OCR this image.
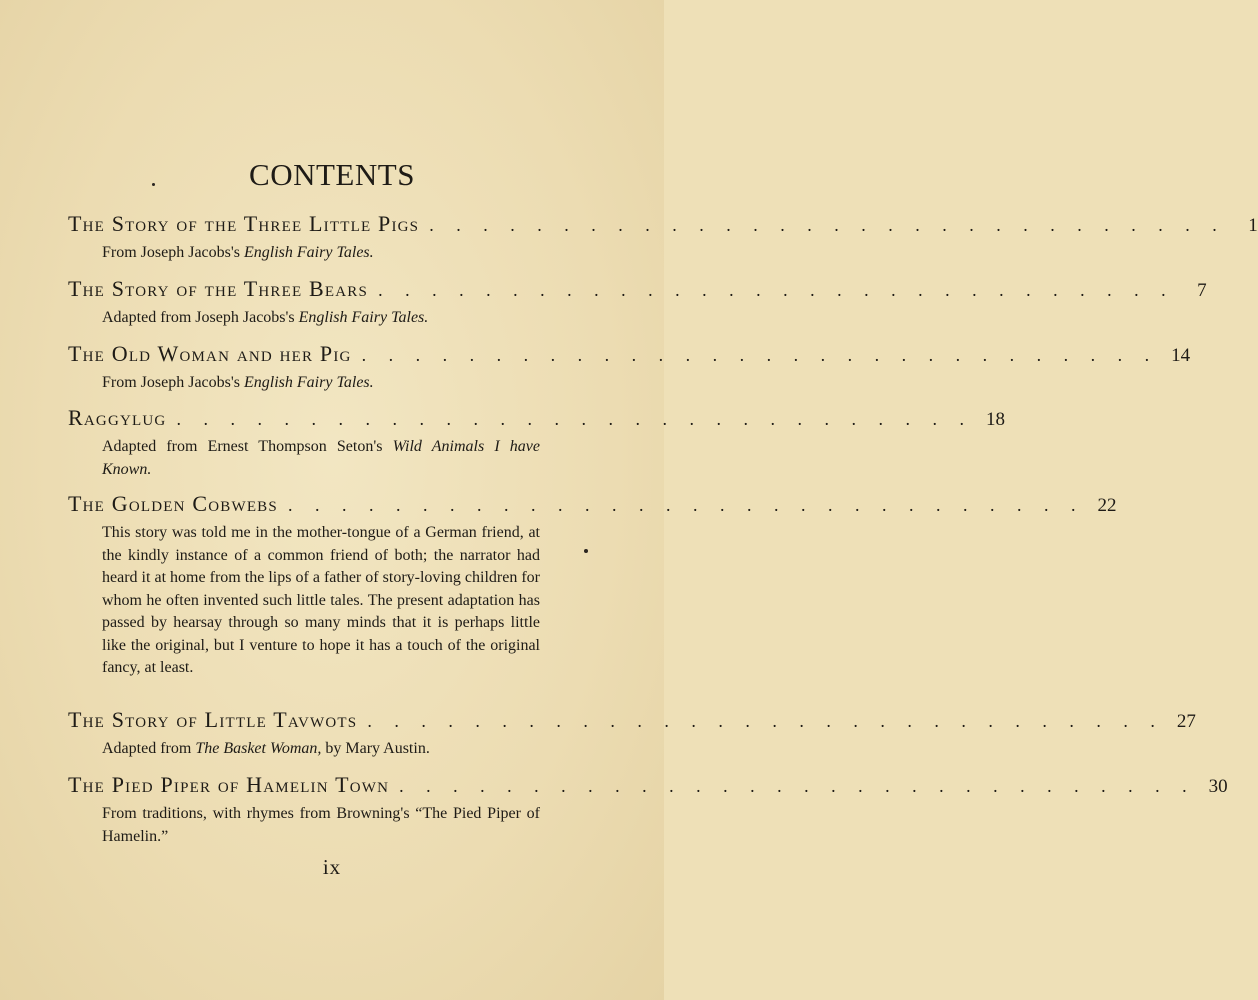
CONTENTS
The Story of the Three Little Pigs . . . . . . . . . . . . . . . . . . . . . . . . . . . . . .	1
From Joseph Jacobs's English Fairy Tales.
The Story of the Three Bears . . . . . . . . . . . . . . . . . . . . . . . . . . . . . .	7
Adapted from Joseph Jacobs's English Fairy Tales.
The Old Woman and her Pig . . . . . . . . . . . . . . . . . . . . . . . . . . . . . . 14
From Joseph Jacobs's English Fairy Tales.
Raggylug . . . . . . . . . . . . . . . . . . . . . . . . . . . . . . 18
Adapted from Ernest Thompson Seton's Wild Animals I have Known.
The Golden Cobwebs . . . . . . . . . . . . . . . . . . . . . . . . . . . . . . 22
This story was told me in the mother-tongue of a German friend, at the kindly instance of a common friend of both; the narrator had heard it at home from the lips of a father of story-loving children for whom he often invented such little tales. The present adaptation has passed by hearsay through so many minds that it is perhaps little like the original, but I venture to hope it has a touch of the original fancy, at least.
The Story of Little Tavwots . . . . . . . . . . . . . . . . . . . . . . . . . . . . . . 27
Adapted from The Basket Woman, by Mary Austin.
The Pied Piper of Hamelin Town . . . . . . . . . . . . . . . . . . . . . . . . . . . . . . 30
From traditions, with rhymes from Browning's “The Pied Piper of Hamelin.”
ix
